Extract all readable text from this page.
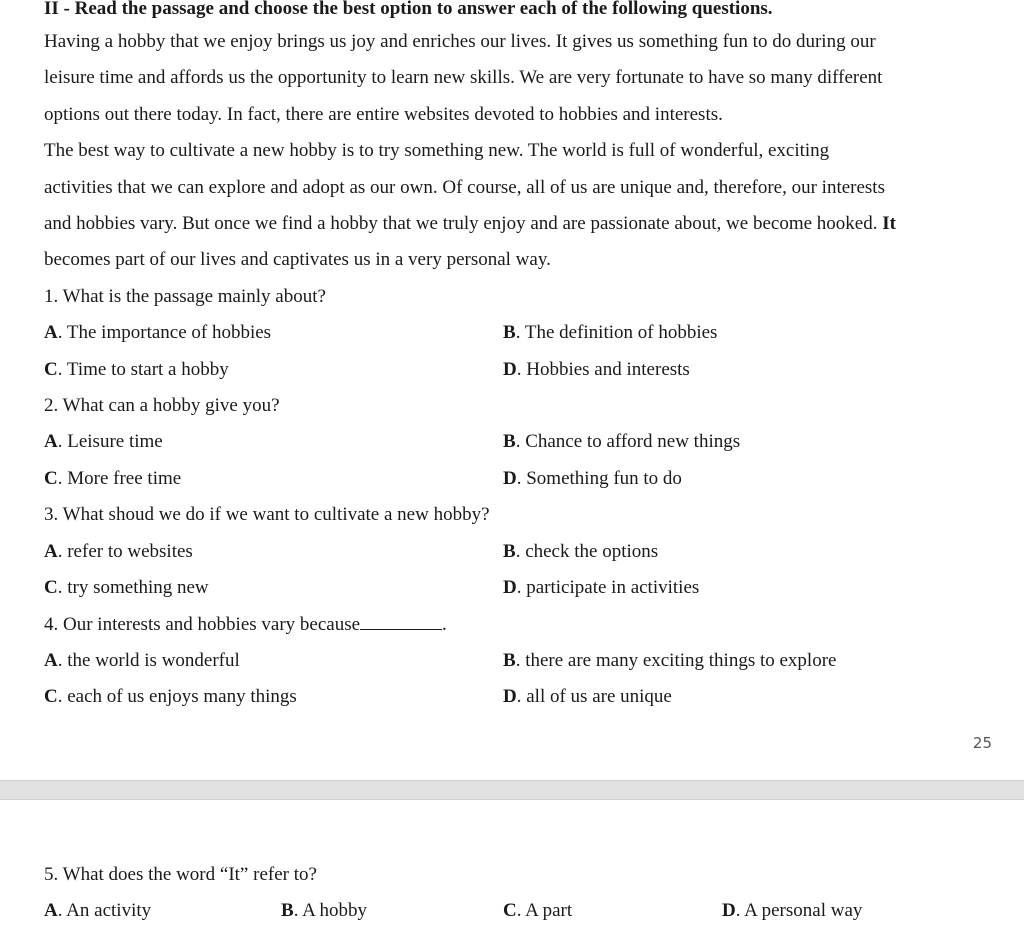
II - Read the passage and choose the best option to answer each of the following questions.

Having a hobby that we enjoy brings us joy and enriches our lives. It gives us something fun to do during our
leisure time and affords us the opportunity to learn new skills. We are very fortunate to have so many different
options out there today. In fact, there are entire websites devoted to hobbies and interests.
The best way to cultivate a new hobby is to try something new. The world is full of wonderful, exciting
activities that we can explore and adopt as our own. Of course, all of us are unique and, therefore, our interests
and hobbies vary. But once we find a hobby that we truly enjoy and are passionate about, we become hooked. It
becomes part of our lives and captivates us in a very personal way.

1. What is the passage mainly about?

A. The importance of hobbies	B. The definition of hobbies
C. Time to start a hobby	D. Hobbies and interests

2. What can a hobby give you?

A. Leisure time	B. Chance to afford new things
C. More free time	D. Something fun to do

3. What shoud we do if we want to cultivate a new hobby?

A. refer to websites	B. check the options
C. try something new	D. participate in activities

4. Our interests and hobbies vary because	.

A. the world is wonderful	B. there are many exciting things to explore
C. each of us enjoys many things	D. all of us are unique
25

5. What does the word “It” refer to?

A. An activity	B. A hobby	C. A part	D. A personal way
